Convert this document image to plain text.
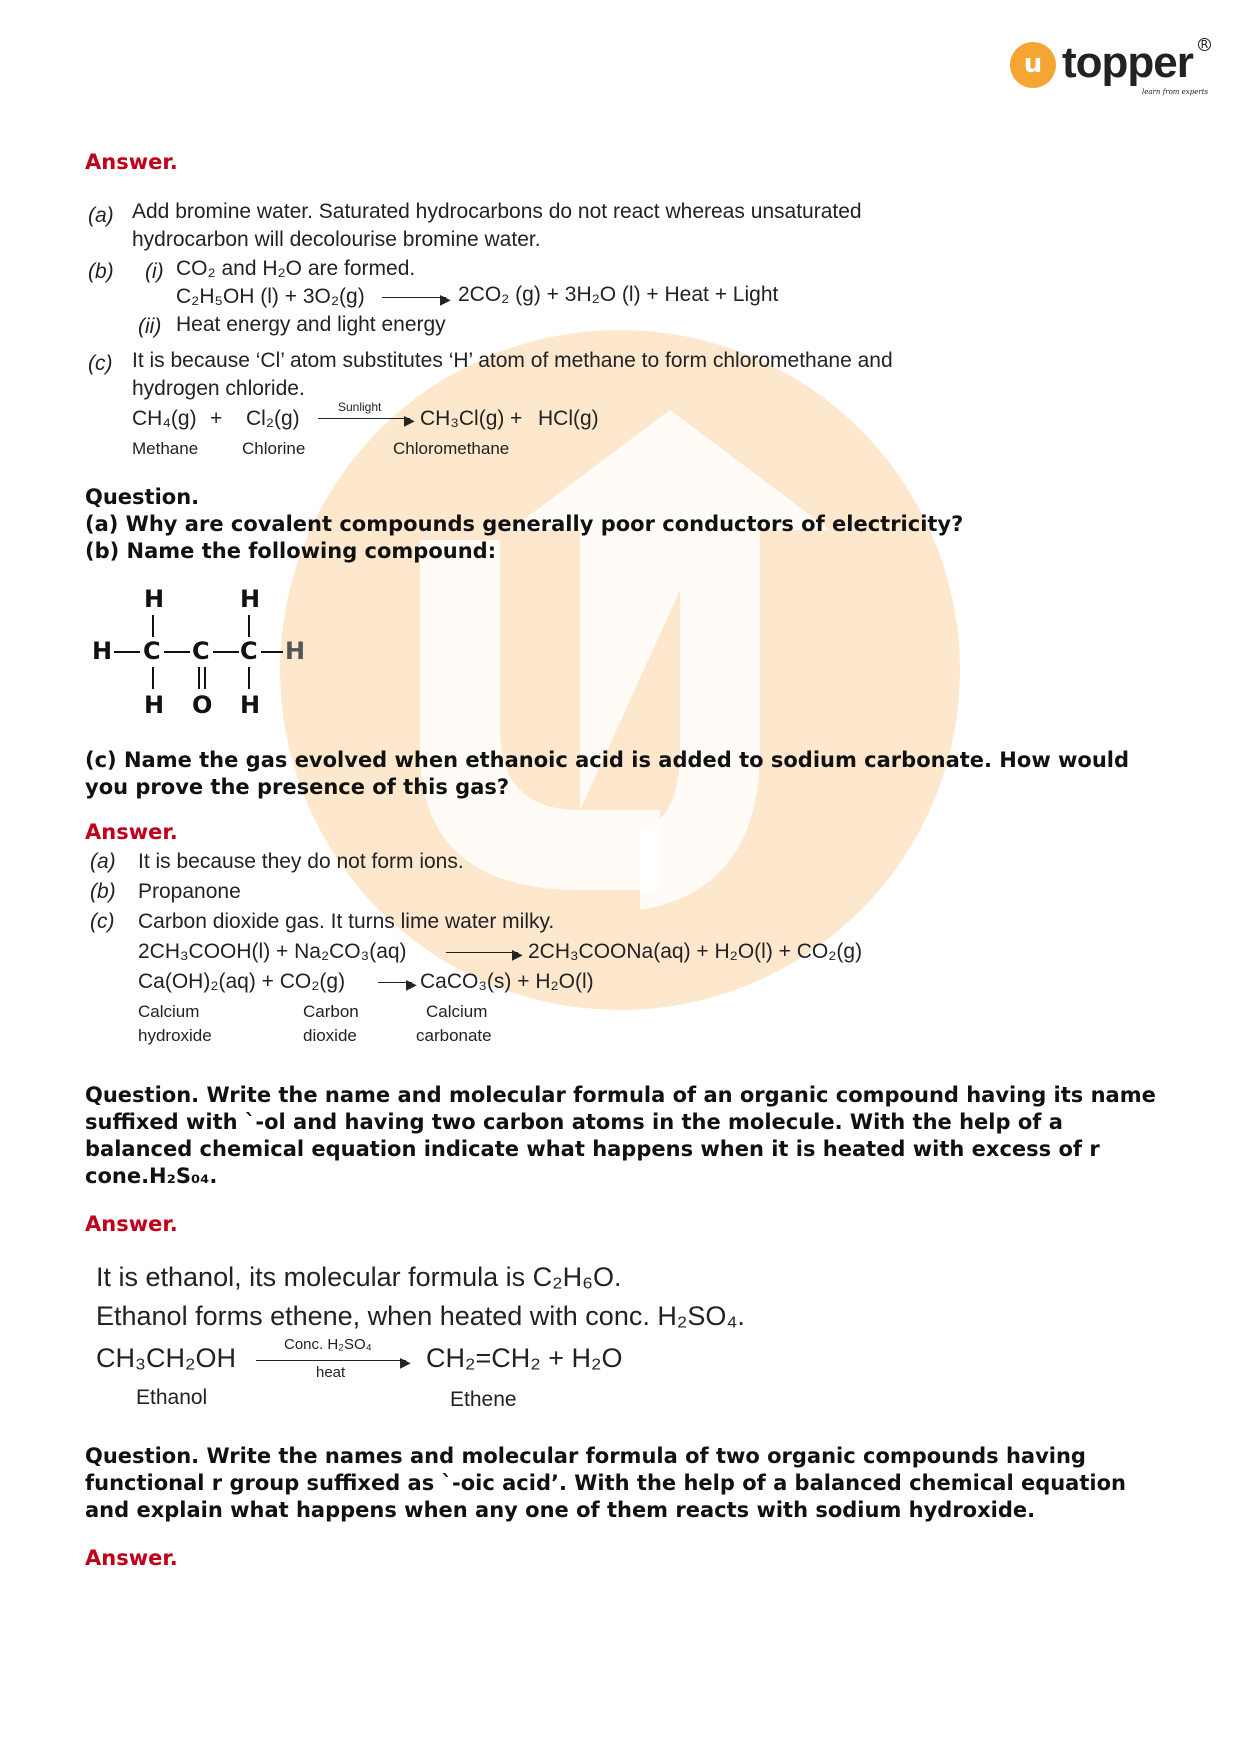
u topper R
learn from experts
Answer.
(a) Add bromine water. Saturated hydrocarbons do not react whereas unsaturated
hydrocarbon will decolourise bromine water.
(b) (i) CO₂ and H₂O are formed.
C₂H₅OH (l) + 3O₂(g)	▶ 2CO₂ (g) + 3H₂O (l) + Heat + Light
(ii) Heat energy and light energy
(c) It is because ‘Cl’ atom substitutes ‘H’ atom of methane to form chloromethane and
hydrogen chloride.
CH₄(g) + Cl₂(g)	Sunlight
▶ CH₃Cl(g) + HCl(g)
Methane	Chlorine	Chloromethane
Question.
(a) Why are covalent compounds generally poor conductors of electricity?
(b) Name the following compound:
H	H
H C C C H
H O H
(c) Name the gas evolved when ethanoic acid is added to sodium carbonate. How would
you prove the presence of this gas?
Answer.
(a) It is because they do not form ions.
(b) Propanone
(c) Carbon dioxide gas. It turns lime water milky.
2CH₃COOH(l) + Na₂CO₃(aq)	▶ 2CH₃COONa(aq) + H₂O(l) + CO₂(g)
Ca(OH)₂(aq) + CO₂(g)	▶ CaCO₃(s) + H₂O(l)
Calcium
hydroxide
Carbon
dioxide
Calcium
carbonate
Question. Write the name and molecular formula of an organic compound having its name
suffixed with `-ol and having two carbon atoms in the molecule. With the help of a
balanced chemical equation indicate what happens when it is heated with excess of r
cone.H₂S₀₄.
Answer.
It is ethanol, its molecular formula is C₂H₆O.
Ethanol forms ethene, when heated with conc. H₂SO₄.
CH₃CH₂OH	Conc. H₂SO₄
▶
heat	CH₂=CH₂ + H₂O
Ethanol	Ethene
Question. Write the names and molecular formula of two organic compounds having
functional r group suffixed as `-oic acid’. With the help of a balanced chemical equation
and explain what happens when any one of them reacts with sodium hydroxide.
Answer.
